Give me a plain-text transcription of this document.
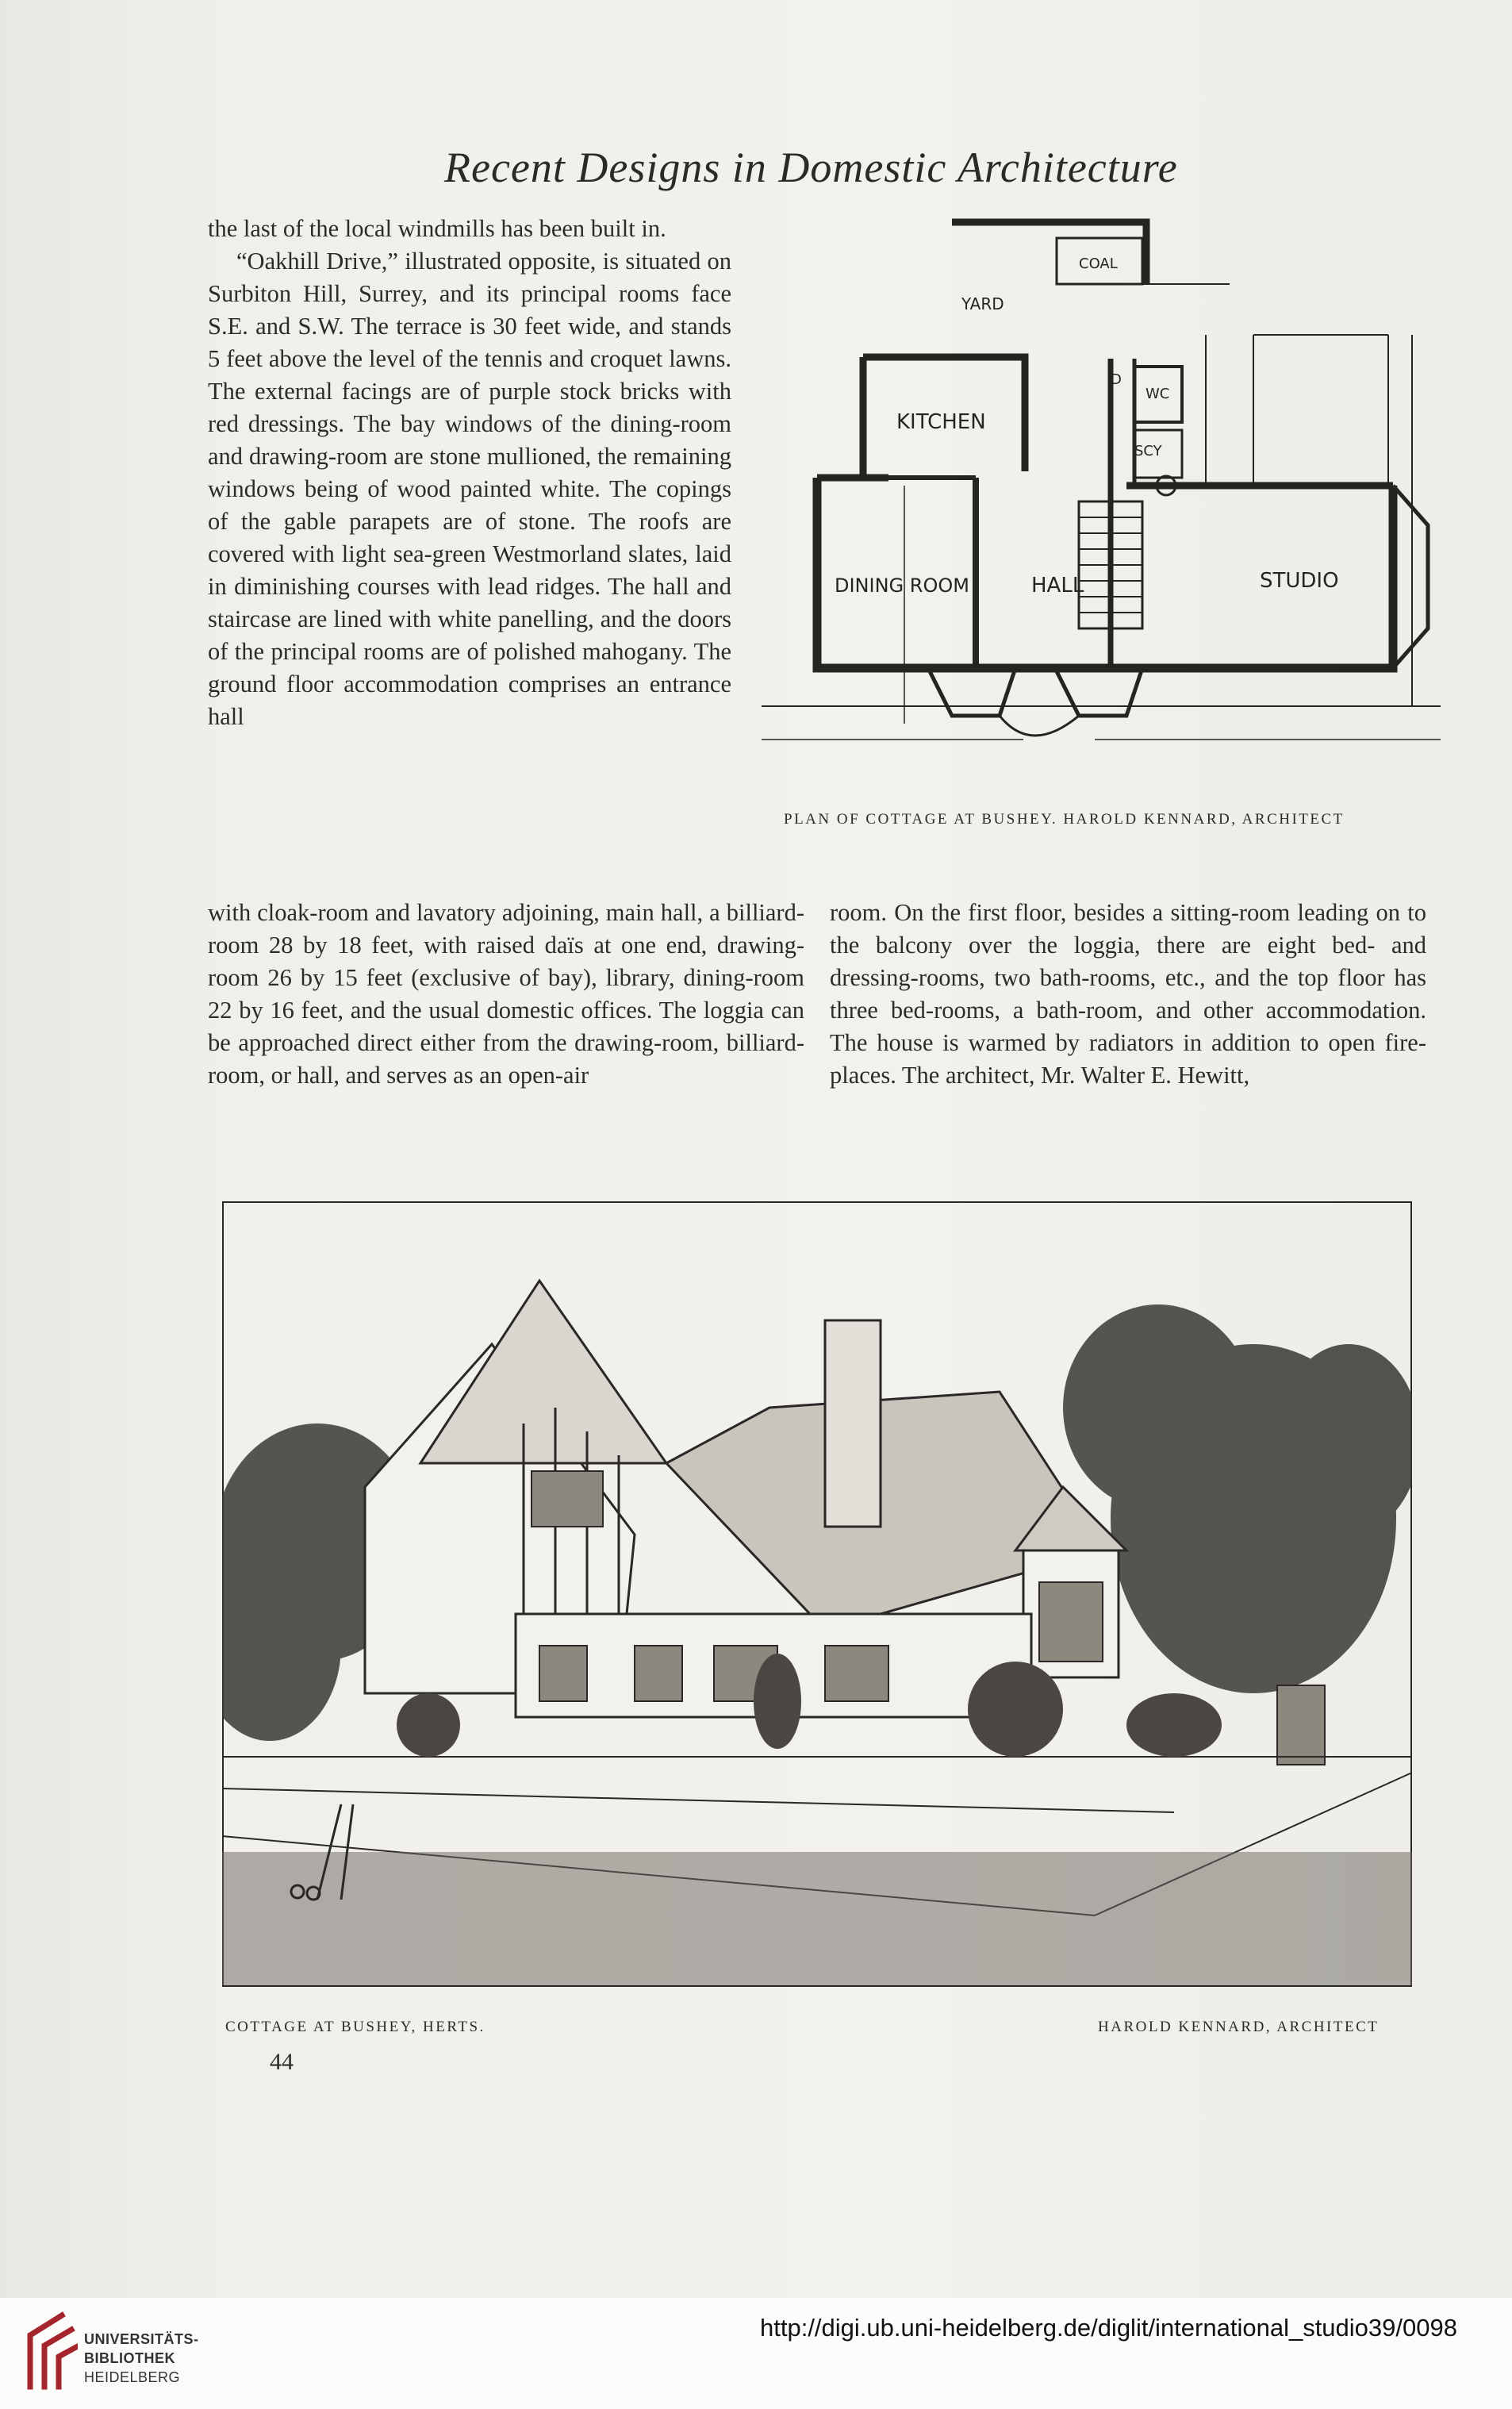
Recent Designs in Domestic Architecture

the last of the local windmills has been built in.

“Oakhill Drive,” illustrated opposite, is situated on Surbiton Hill, Surrey, and its principal rooms face S.E. and S.W. The terrace is 30 feet wide, and stands 5 feet above the level of the tennis and croquet lawns. The external facings are of purple stock bricks with red dressings. The bay windows of the dining-room and drawing-room are stone mullioned, the remaining windows being of wood painted white. The copings of the gable parapets are of stone. The roofs are covered with light sea-green Westmorland slates, laid in diminishing courses with lead ridges. The hall and staircase are lined with white panelling, and the doors of the principal rooms are of polished mahogany. The ground floor accommodation comprises an entrance hall

COAL
YARD
KITCHEN
DINING ROOM	HALL	STUDIO
WC
SCY
D
PLAN OF COTTAGE AT BUSHEY. HAROLD KENNARD, ARCHITECT
with cloak-room and lavatory adjoining, main hall, a billiard-room 28 by 18 feet, with raised daïs at one end, drawing-room 26 by 15 feet (exclusive of bay), library, dining-room 22 by 16 feet, and the usual domestic offices. The loggia can be approached direct either from the drawing-room, billiard-room, or hall, and serves as an open-air
room. On the first floor, besides a sitting-room leading on to the balcony over the loggia, there are eight bed- and dressing-rooms, two bath-rooms, etc., and the top floor has three bed-rooms, a bath-room, and other accommodation. The house is warmed by radiators in addition to open fire-places. The architect, Mr. Walter E. Hewitt,
COTTAGE AT BUSHEY, HERTS.	HAROLD KENNARD, ARCHITECT
44
UNIVERSITÄTS-
BIBLIOTHEK
HEIDELBERG
http://digi.ub.uni-heidelberg.de/diglit/international_studio39/0098
